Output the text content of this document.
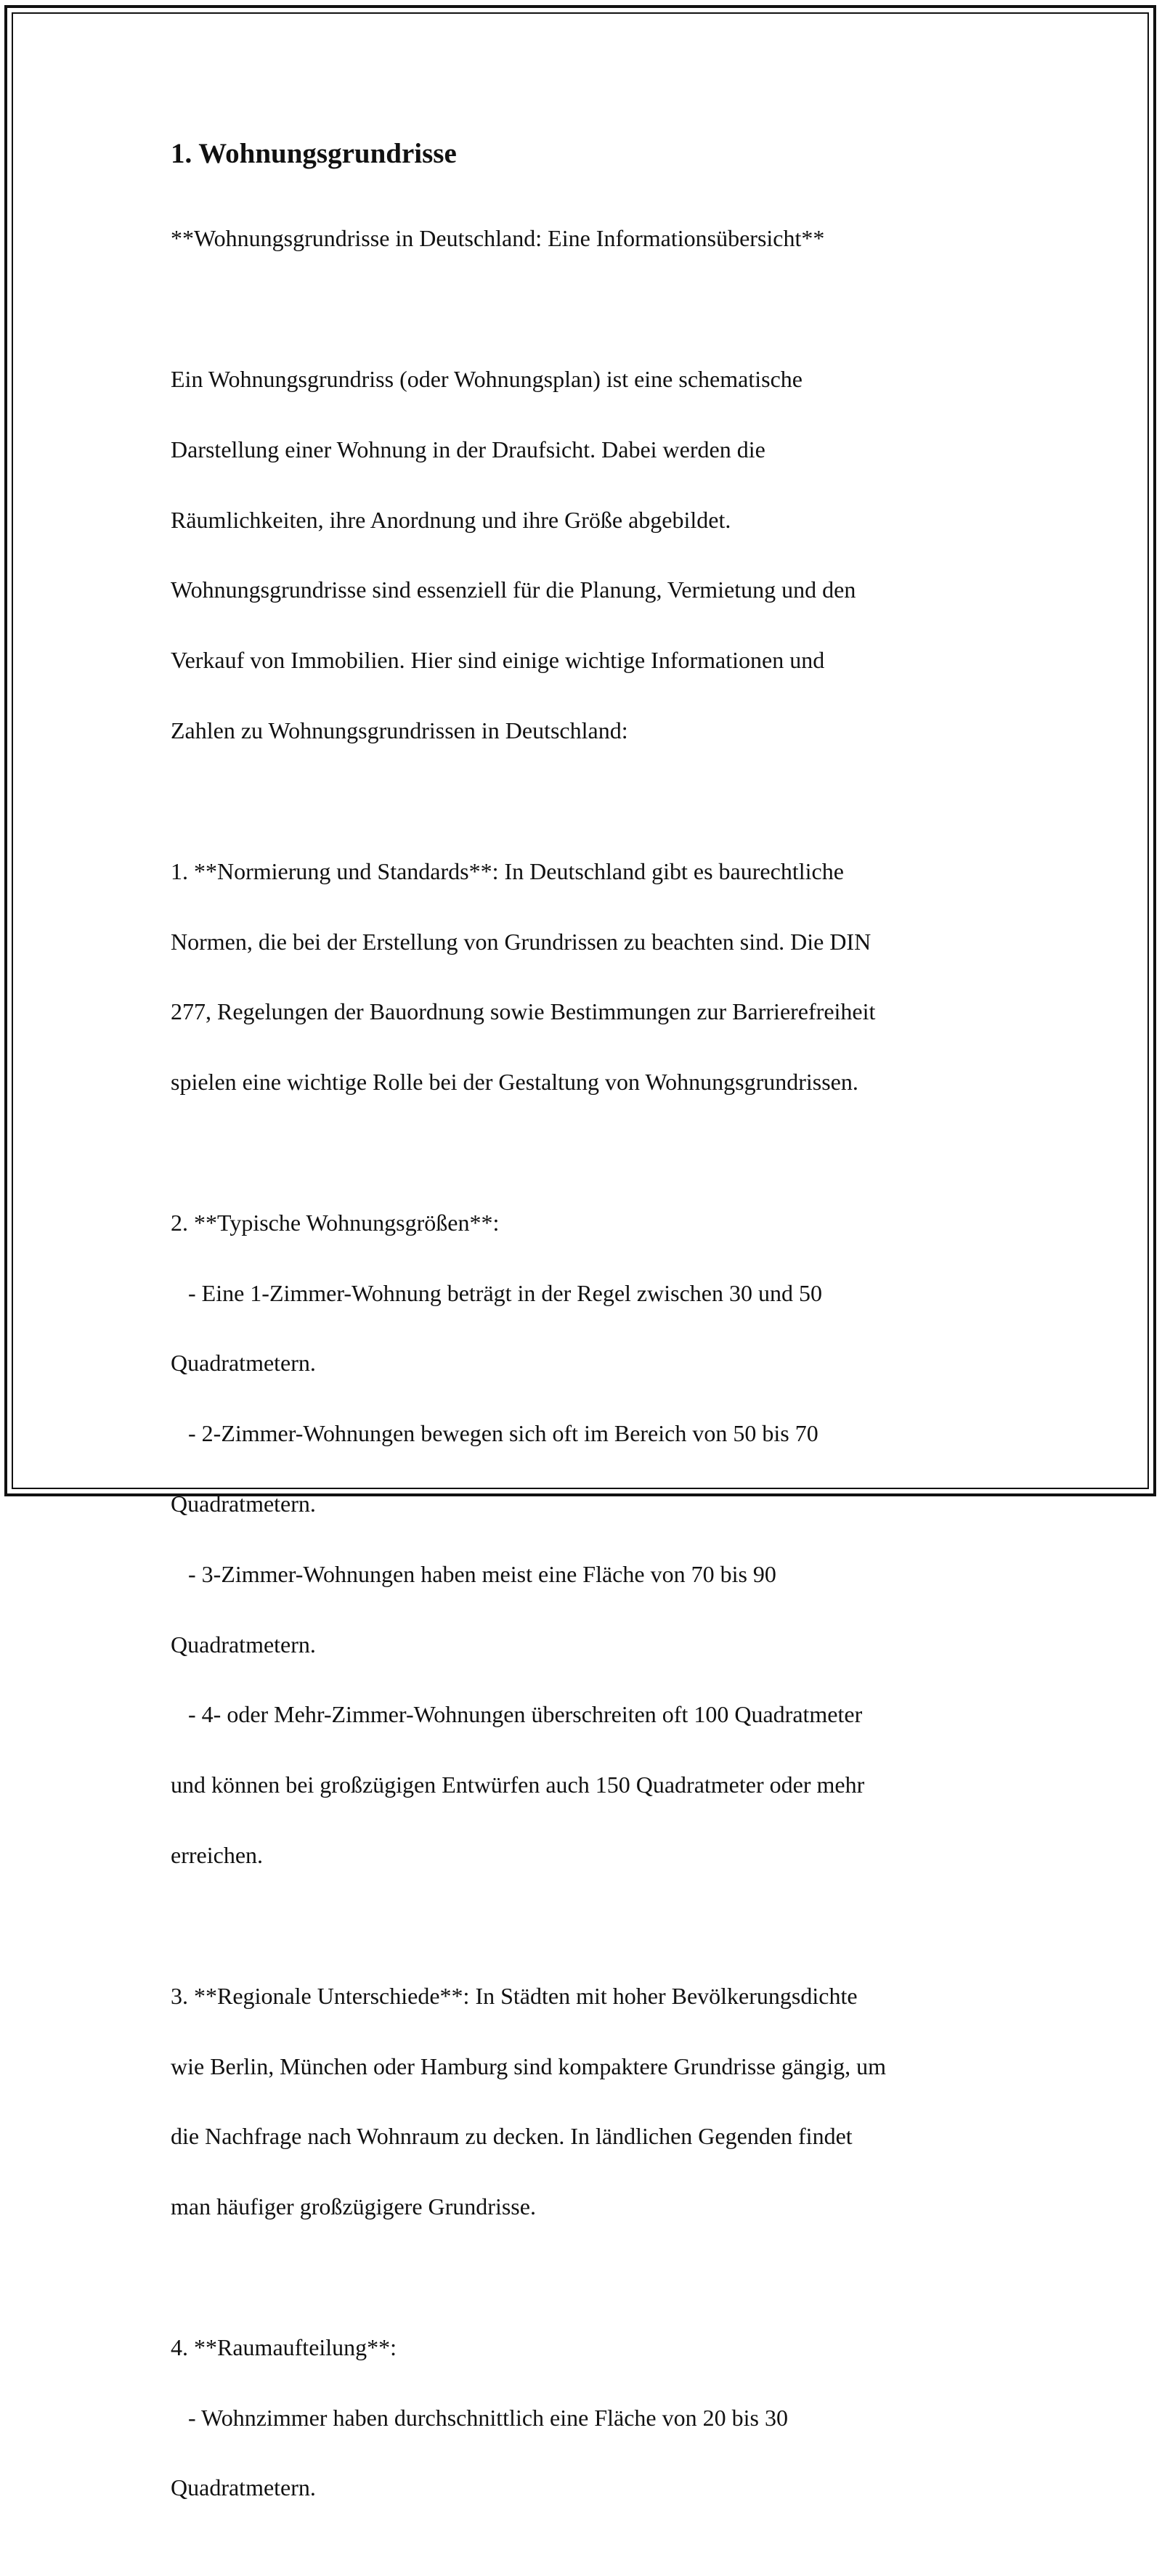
1. Wohnungsgrundrisse

**Wohnungsgrundrisse in Deutschland: Eine Informationsübersicht**

Ein Wohnungsgrundriss (oder Wohnungsplan) ist eine schematische

Darstellung einer Wohnung in der Draufsicht. Dabei werden die

Räumlichkeiten, ihre Anordnung und ihre Größe abgebildet.

Wohnungsgrundrisse sind essenziell für die Planung, Vermietung und den

Verkauf von Immobilien. Hier sind einige wichtige Informationen und

Zahlen zu Wohnungsgrundrissen in Deutschland:

1. **Normierung und Standards**: In Deutschland gibt es baurechtliche

Normen, die bei der Erstellung von Grundrissen zu beachten sind. Die DIN

277, Regelungen der Bauordnung sowie Bestimmungen zur Barrierefreiheit

spielen eine wichtige Rolle bei der Gestaltung von Wohnungsgrundrissen.

2. **Typische Wohnungsgrößen**:

- Eine 1-Zimmer-Wohnung beträgt in der Regel zwischen 30 und 50

Quadratmetern.

- 2-Zimmer-Wohnungen bewegen sich oft im Bereich von 50 bis 70

Quadratmetern.

- 3-Zimmer-Wohnungen haben meist eine Fläche von 70 bis 90

Quadratmetern.

- 4- oder Mehr-Zimmer-Wohnungen überschreiten oft 100 Quadratmeter

und können bei großzügigen Entwürfen auch 150 Quadratmeter oder mehr

erreichen.

3. **Regionale Unterschiede**: In Städten mit hoher Bevölkerungsdichte

wie Berlin, München oder Hamburg sind kompaktere Grundrisse gängig, um

die Nachfrage nach Wohnraum zu decken. In ländlichen Gegenden findet

man häufiger großzügigere Grundrisse.

4. **Raumaufteilung**:

- Wohnzimmer haben durchschnittlich eine Fläche von 20 bis 30

Quadratmetern.
